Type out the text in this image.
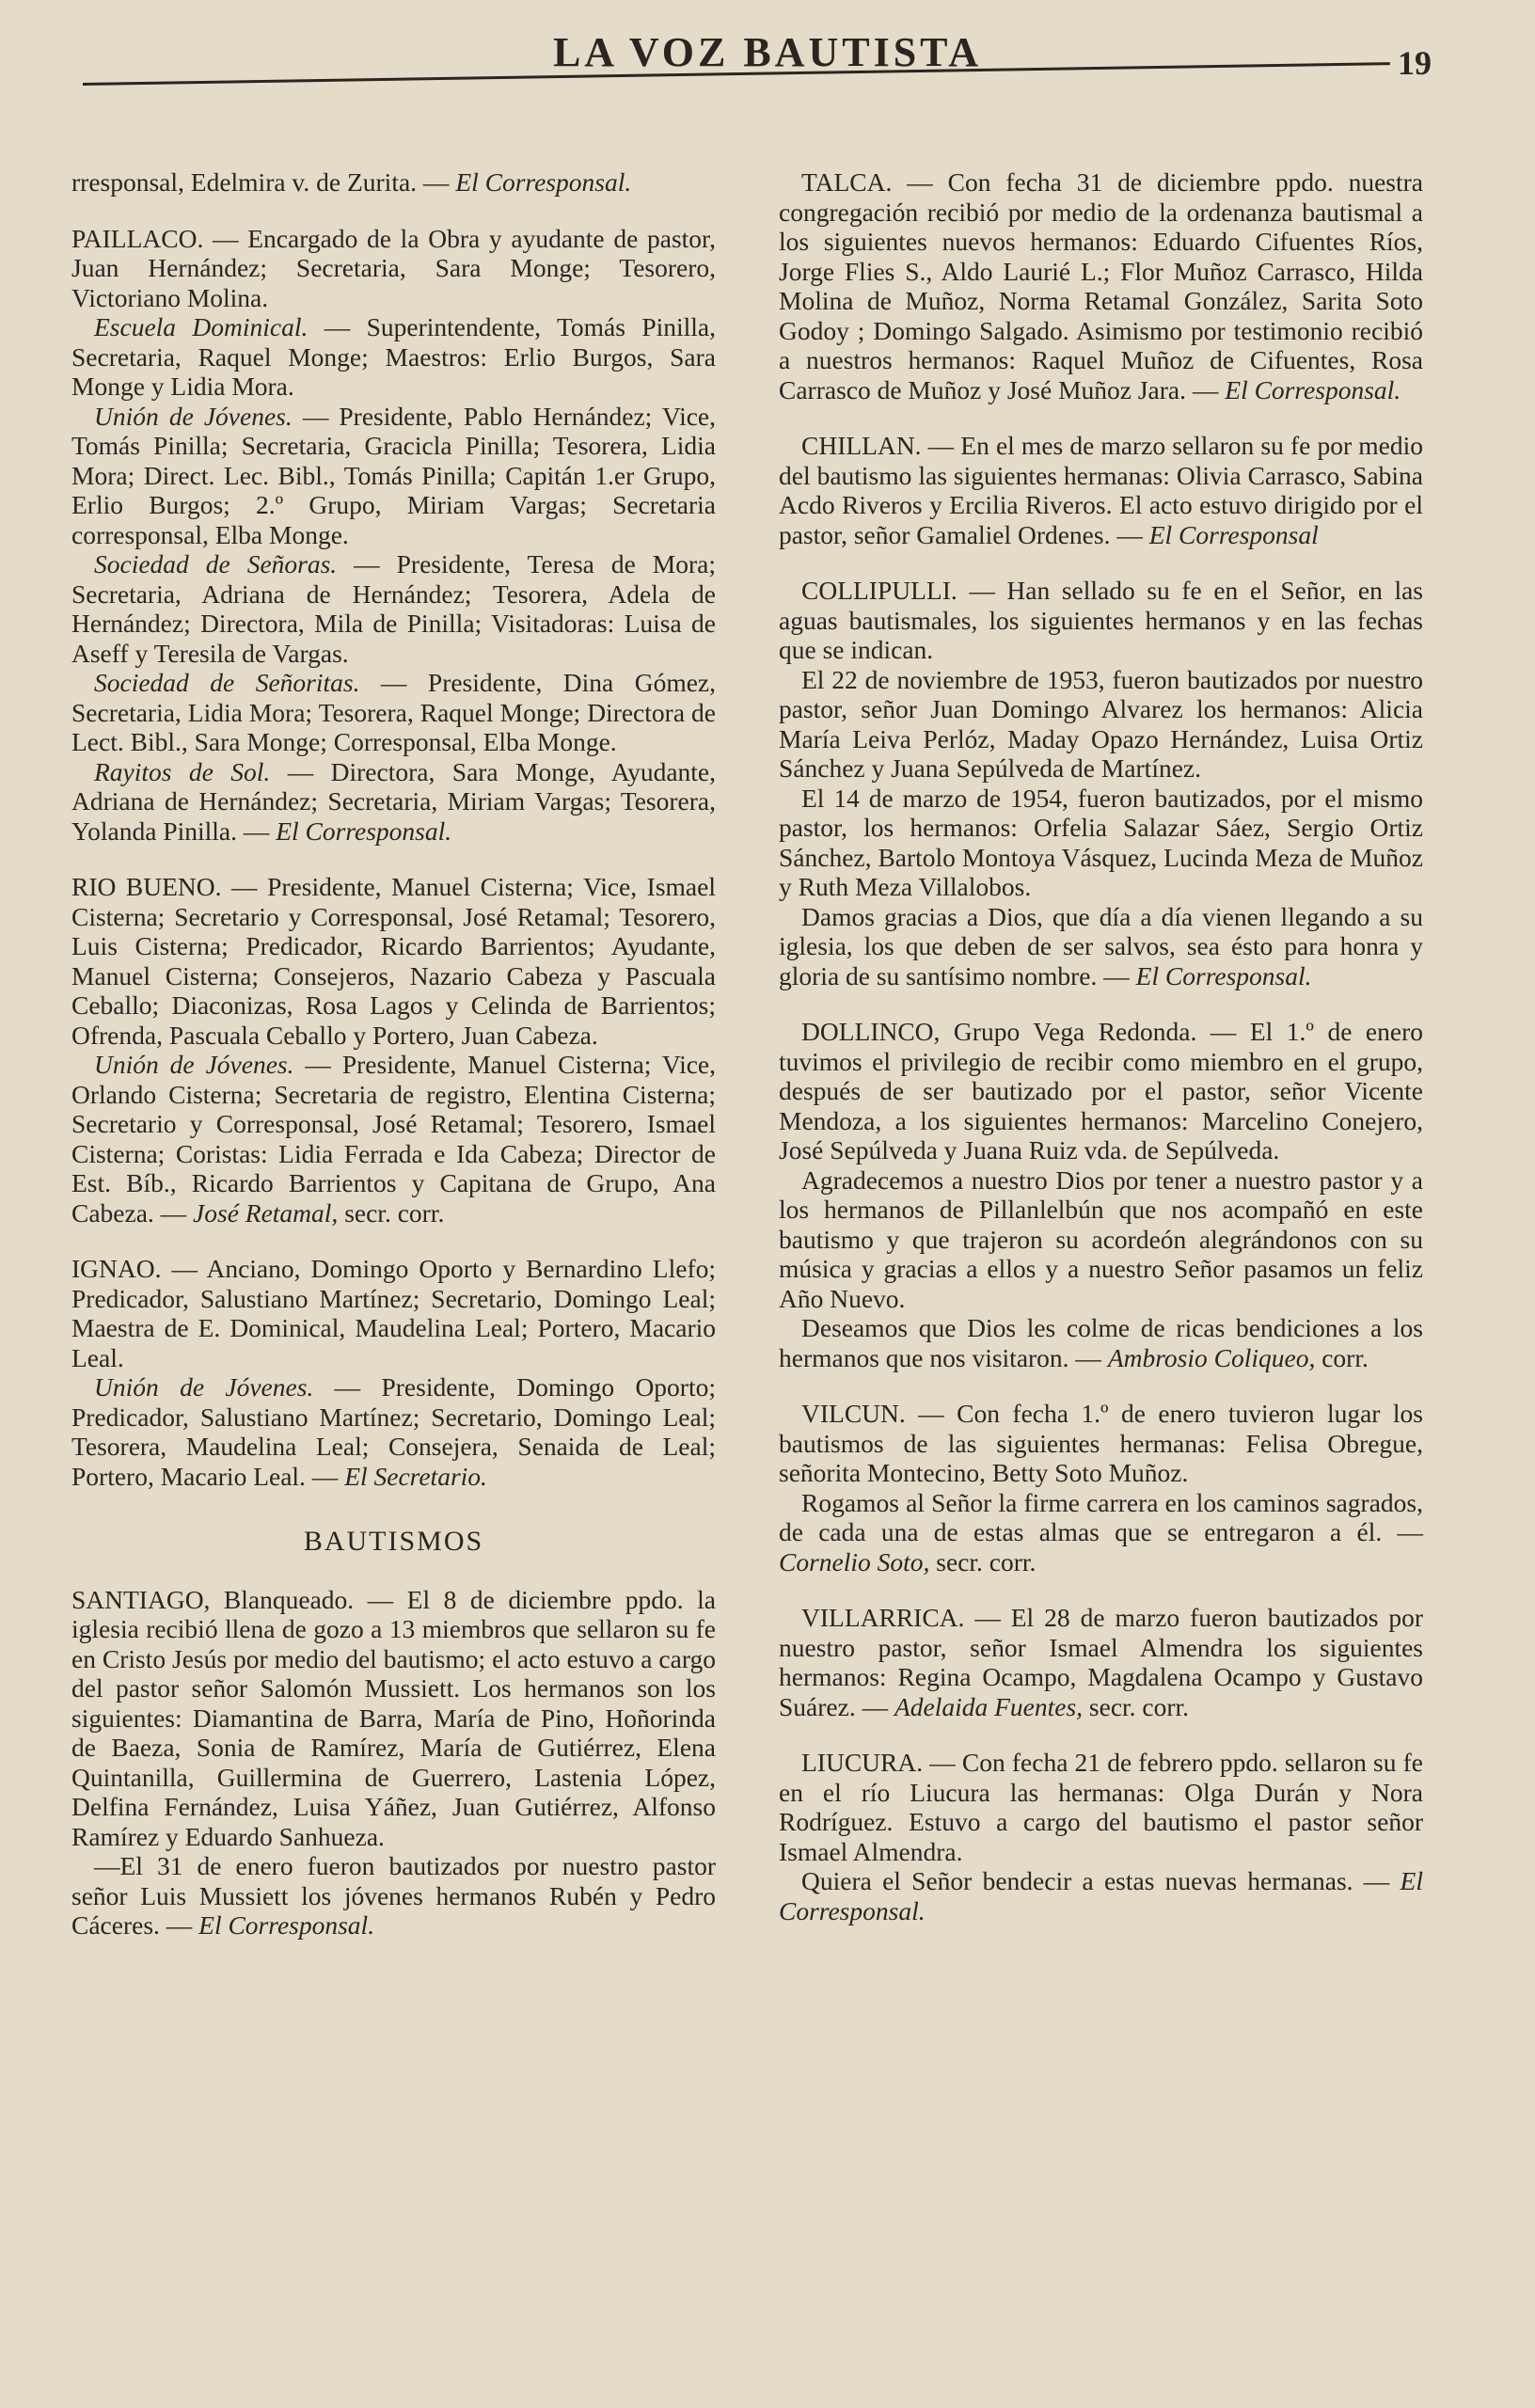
LA VOZ BAUTISTA	19

rresponsal, Edelmira v. de Zurita. — El Corresponsal.

PAILLACO. — Encargado de la Obra y ayudante de pastor, Juan Hernández; Secretaria, Sara Monge; Tesorero, Victoriano Molina.

Escuela Dominical. — Superintendente, Tomás Pinilla, Secretaria, Raquel Monge; Maestros: Erlio Burgos, Sara Monge y Lidia Mora.

Unión de Jóvenes. — Presidente, Pablo Hernández; Vice, Tomás Pinilla; Secretaria, Gracicla Pinilla; Tesorera, Lidia Mora; Direct. Lec. Bibl., Tomás Pinilla; Capitán 1.er Grupo, Erlio Burgos; 2.º Grupo, Miriam Vargas; Secretaria corresponsal, Elba Monge.

Sociedad de Señoras. — Presidente, Teresa de Mora; Secretaria, Adriana de Hernández; Tesorera, Adela de Hernández; Directora, Mila de Pinilla; Visitadoras: Luisa de Aseff y Teresila de Vargas.

Sociedad de Señoritas. — Presidente, Dina Gómez, Secretaria, Lidia Mora; Tesorera, Raquel Monge; Directora de Lect. Bibl., Sara Monge; Corresponsal, Elba Monge.

Rayitos de Sol. — Directora, Sara Monge, Ayudante, Adriana de Hernández; Secretaria, Miriam Vargas; Tesorera, Yolanda Pinilla. — El Corresponsal.

RIO BUENO. — Presidente, Manuel Cisterna; Vice, Ismael Cisterna; Secretario y Corresponsal, José Retamal; Tesorero, Luis Cisterna; Predicador, Ricardo Barrientos; Ayudante, Manuel Cisterna; Consejeros, Nazario Cabeza y Pascuala Ceballo; Diaconizas, Rosa Lagos y Celinda de Barrientos; Ofrenda, Pascuala Ceballo y Portero, Juan Cabeza.

Unión de Jóvenes. — Presidente, Manuel Cisterna; Vice, Orlando Cisterna; Secretaria de registro, Elentina Cisterna; Secretario y Corresponsal, José Retamal; Tesorero, Ismael Cisterna; Coristas: Lidia Ferrada e Ida Cabeza; Director de Est. Bíb., Ricardo Barrientos y Capitana de Grupo, Ana Cabeza. — José Retamal, secr. corr.

IGNAO. — Anciano, Domingo Oporto y Bernardino Llefo; Predicador, Salustiano Martínez; Secretario, Domingo Leal; Maestra de E. Dominical, Maudelina Leal; Portero, Macario Leal.

Unión de Jóvenes. — Presidente, Domingo Oporto; Predicador, Salustiano Martínez; Secretario, Domingo Leal; Tesorera, Maudelina Leal; Consejera, Senaida de Leal; Portero, Macario Leal. — El Secretario.

BAUTISMOS

SANTIAGO, Blanqueado. — El 8 de diciembre ppdo. la iglesia recibió llena de gozo a 13 miembros que sellaron su fe en Cristo Jesús por medio del bautismo; el acto estuvo a cargo del pastor señor Salomón Mussiett. Los hermanos son los siguientes: Diamantina de Barra, María de Pino, Hoñorinda de Baeza, Sonia de Ramírez, María de Gutiérrez, Elena Quintanilla, Guillermina de Guerrero, Lastenia López, Delfina Fernández, Luisa Yáñez, Juan Gutiérrez, Alfonso Ramírez y Eduardo Sanhueza.

—El 31 de enero fueron bautizados por nuestro pastor señor Luis Mussiett los jóvenes hermanos Rubén y Pedro Cáceres. — El Corresponsal.

TALCA. — Con fecha 31 de diciembre ppdo. nuestra congregación recibió por medio de la ordenanza bautismal a los siguientes nuevos hermanos: Eduardo Cifuentes Ríos, Jorge Flies S., Aldo Laurié L.; Flor Muñoz Carrasco, Hilda Molina de Muñoz, Norma Retamal González, Sarita Soto Godoy ; Domingo Salgado. Asimismo por testimonio recibió a nuestros hermanos: Raquel Muñoz de Cifuentes, Rosa Carrasco de Muñoz y José Muñoz Jara. — El Corresponsal.

CHILLAN. — En el mes de marzo sellaron su fe por medio del bautismo las siguientes hermanas: Olivia Carrasco, Sabina Acdo Riveros y Ercilia Riveros. El acto estuvo dirigido por el pastor, señor Gamaliel Ordenes. — El Corresponsal

COLLIPULLI. — Han sellado su fe en el Señor, en las aguas bautismales, los siguientes hermanos y en las fechas que se indican.

El 22 de noviembre de 1953, fueron bautizados por nuestro pastor, señor Juan Domingo Alvarez los hermanos: Alicia María Leiva Perlóz, Maday Opazo Hernández, Luisa Ortiz Sánchez y Juana Sepúlveda de Martínez.

El 14 de marzo de 1954, fueron bautizados, por el mismo pastor, los hermanos: Orfelia Salazar Sáez, Sergio Ortiz Sánchez, Bartolo Montoya Vásquez, Lucinda Meza de Muñoz y Ruth Meza Villalobos.

Damos gracias a Dios, que día a día vienen llegando a su iglesia, los que deben de ser salvos, sea ésto para honra y gloria de su santísimo nombre. — El Corresponsal.

DOLLINCO, Grupo Vega Redonda. — El 1.º de enero tuvimos el privilegio de recibir como miembro en el grupo, después de ser bautizado por el pastor, señor Vicente Mendoza, a los siguientes hermanos: Marcelino Conejero, José Sepúlveda y Juana Ruiz vda. de Sepúlveda.

Agradecemos a nuestro Dios por tener a nuestro pastor y a los hermanos de Pillanlelbún que nos acompañó en este bautismo y que trajeron su acordeón alegrándonos con su música y gracias a ellos y a nuestro Señor pasamos un feliz Año Nuevo.

Deseamos que Dios les colme de ricas bendiciones a los hermanos que nos visitaron. — Ambrosio Coliqueo, corr.

VILCUN. — Con fecha 1.º de enero tuvieron lugar los bautismos de las siguientes hermanas: Felisa Obregue, señorita Montecino, Betty Soto Muñoz.

Rogamos al Señor la firme carrera en los caminos sagrados, de cada una de estas almas que se entregaron a él. — Cornelio Soto, secr. corr.

VILLARRICA. — El 28 de marzo fueron bautizados por nuestro pastor, señor Ismael Almendra los siguientes hermanos: Regina Ocampo, Magdalena Ocampo y Gustavo Suárez. — Adelaida Fuentes, secr. corr.

LIUCURA. — Con fecha 21 de febrero ppdo. sellaron su fe en el río Liucura las hermanas: Olga Durán y Nora Rodríguez. Estuvo a cargo del bautismo el pastor señor Ismael Almendra.

Quiera el Señor bendecir a estas nuevas hermanas. — El Corresponsal.
